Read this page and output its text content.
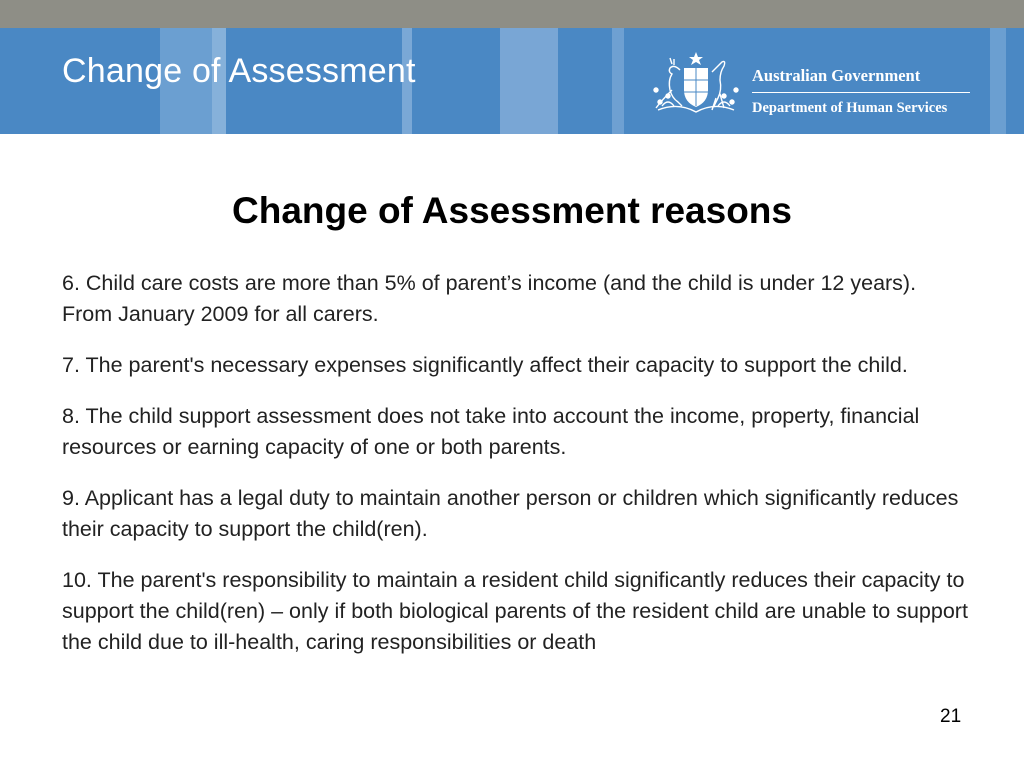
Change of Assessment	Australian Government
Department of Human Services
Change of Assessment reasons
6. Child care costs are more than 5% of parent’s income (and the child is under 12 years). From January 2009 for all carers.
7. The parent's necessary expenses significantly affect their capacity to support the child.
8. The child support assessment does not take into account the income, property, financial resources or earning capacity of one or both parents.
9. Applicant has a legal duty to maintain another person or children which significantly reduces their capacity to support the child(ren).
10. The parent's responsibility to maintain a resident child significantly reduces their capacity to support the child(ren) – only if both biological parents of the resident child are unable to support the child due to ill-health, caring responsibilities or death
21
